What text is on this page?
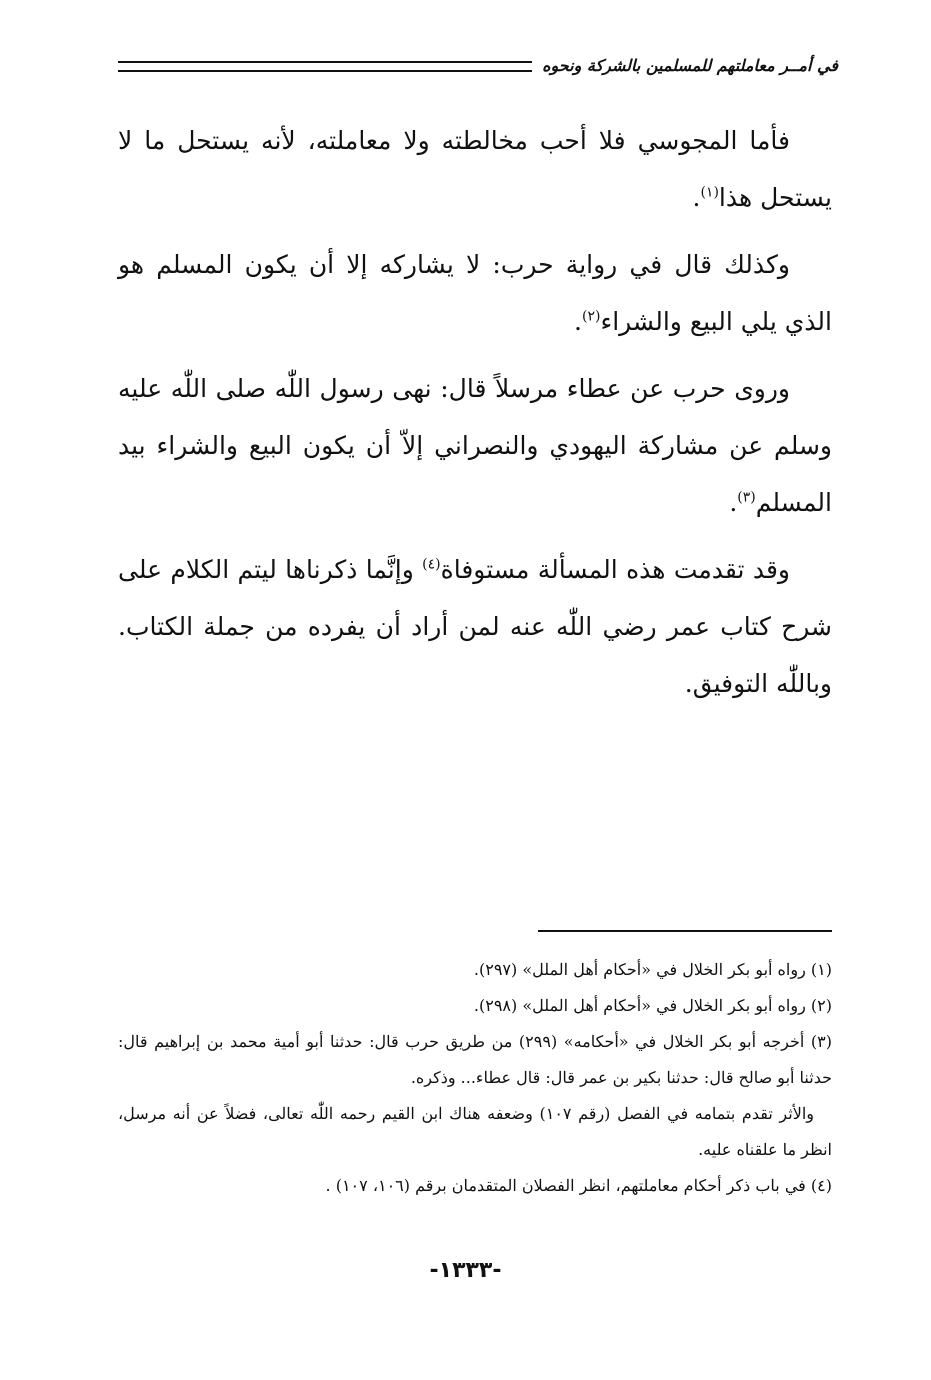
في أمــر معاملتهم للمسلمين بالشركة ونحوه

فأما المجوسي فلا أحب مخالطته ولا معاملته، لأنه يستحل ما لا يستحل هذا$^{(١)}$.

وكذلك قال في رواية حرب: لا يشاركه إلا أن يكون المسلم هو الذي يلي البيع والشراء$^{(٢)}$.

وروى حرب عن عطاء مرسلاً قال: نهى رسول اللّٰه صلى اللّٰه عليه وسلم عن مشاركة اليهودي والنصراني إلاّ أن يكون البيع والشراء بيد المسلم$^{(٣)}$.

وقد تقدمت هذه المسألة مستوفاة$^{(٤)}$ وإنَّما ذكرناها ليتم الكلام على شرح كتاب عمر رضي اللّٰه عنه لمن أراد أن يفرده من جملة الكتاب. وباللّٰه التوفيق.

(١) رواه أبو بكر الخلال في «أحكام أهل الملل» (٢٩٧).

(٢) رواه أبو بكر الخلال في «أحكام أهل الملل» (٢٩٨).

(٣) أخرجه أبو بكر الخلال في «أحكامه» (٢٩٩) من طريق حرب قال: حدثنا أبو أمية محمد بن إبراهيم قال: حدثنا أبو صالح قال: حدثنا بكير بن عمر قال: قال عطاء... وذكره.

والأثر تقدم بتمامه في الفصل (رقم ١٠٧) وضعفه هناك ابن القيم رحمه اللّٰه تعالى، فضلاً عن أنه مرسل، انظر ما علقناه عليه.

(٤) في باب ذكر أحكام معاملتهم، انظر الفصلان المتقدمان برقم (١٠٦، ١٠٧) .

-١٣٣٣-
